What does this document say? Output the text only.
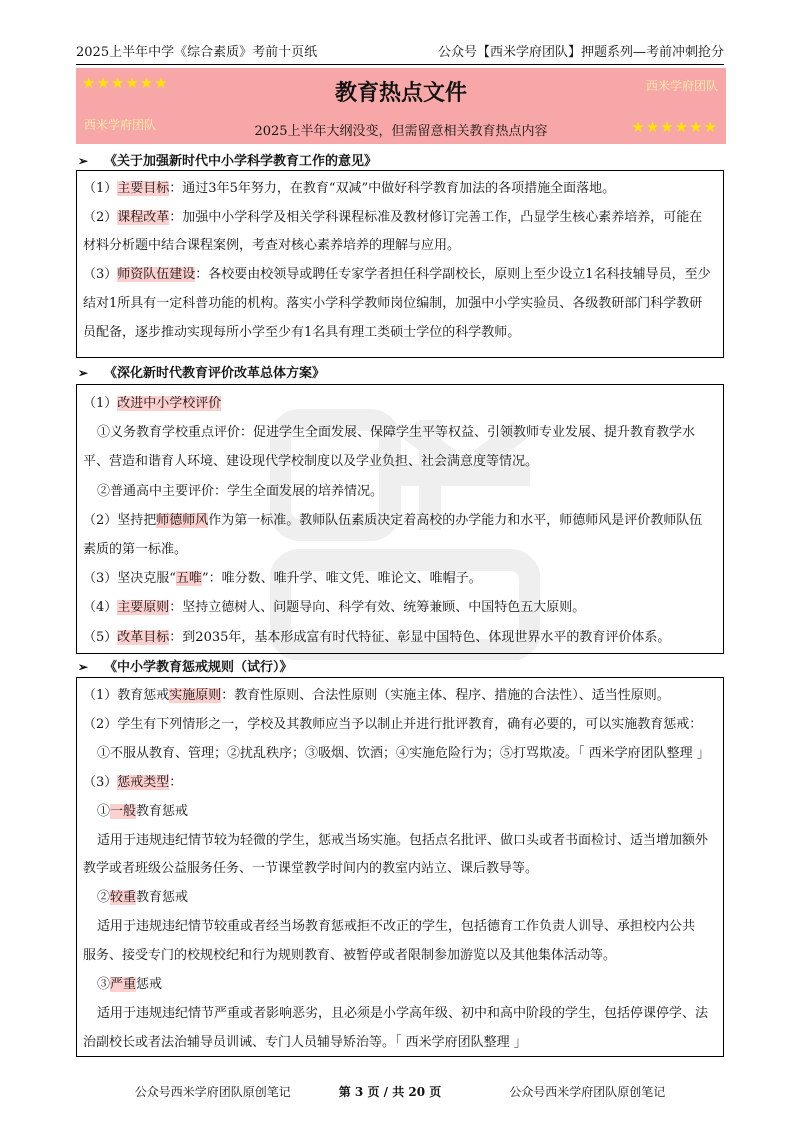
2025上半年中学《综合素质》考前十页纸	公众号【西米学府团队】押题系列—考前冲刺抢分
★★★★★★	西米学府团队
教育热点文件
西米学府团队	2025上半年大纲没变，但需留意相关教育热点内容	★★★★★★
➢ 《关于加强新时代中小学科学教育工作的意见》

（1）主要目标：通过3年5年努力，在教育“双减”中做好科学教育加法的各项措施全面落地。

（2）课程改革：加强中小学科学及相关学科课程标准及教材修订完善工作，凸显学生核心素养培养，可能在

材料分析题中结合课程案例，考查对核心素养培养的理解与应用。

（3）师资队伍建设：各校要由校领导或聘任专家学者担任科学副校长，原则上至少设立1名科技辅导员，至少

结对1所具有一定科普功能的机构。落实小学科学教师岗位编制，加强中小学实验员、各级教研部门科学教研

员配备，逐步推动实现每所小学至少有1名具有理工类硕士学位的科学教师。

➢ 《深化新时代教育评价改革总体方案》

（1）改进中小学校评价

①义务教育学校重点评价：促进学生全面发展、保障学生平等权益、引领教师专业发展、提升教育教学水

平、营造和谐育人环境、建设现代学校制度以及学业负担、社会满意度等情况。

②普通高中主要评价：学生全面发展的培养情况。

（2）坚持把师德师风作为第一标准。教师队伍素质决定着高校的办学能力和水平，师德师风是评价教师队伍

素质的第一标准。

（3）坚决克服“五唯”：唯分数、唯升学、唯文凭、唯论文、唯帽子。

（4）主要原则：坚持立德树人、问题导向、科学有效、统筹兼顾、中国特色五大原则。

（5）改革目标：到2035年，基本形成富有时代特征、彰显中国特色、体现世界水平的教育评价体系。

➢ 《中小学教育惩戒规则（试行）》

（1）教育惩戒实施原则：教育性原则、合法性原则（实施主体、程序、措施的合法性）、适当性原则。

（2）学生有下列情形之一，学校及其教师应当予以制止并进行批评教育，确有必要的，可以实施教育惩戒：

①不服从教育、管理；②扰乱秩序；③吸烟、饮酒；④实施危险行为；⑤打骂欺凌。「 西米学府团队整理 」

（3）惩戒类型：

①一般教育惩戒

适用于违规违纪情节较为轻微的学生，惩戒当场实施。包括点名批评、做口头或者书面检讨、适当增加额外

教学或者班级公益服务任务、一节课堂教学时间内的教室内站立、课后教导等。

②较重教育惩戒

适用于违规违纪情节较重或者经当场教育惩戒拒不改正的学生，包括德育工作负责人训导、承担校内公共

服务、接受专门的校规校纪和行为规则教育、被暂停或者限制参加游览以及其他集体活动等。

③严重惩戒

适用于违规违纪情节严重或者影响恶劣，且必须是小学高年级、初中和高中阶段的学生，包括停课停学、法

治副校长或者法治辅导员训诫、专门人员辅导矫治等。「 西米学府团队整理 」

公众号西米学府团队原创笔记	第 3 页 / 共 20 页	公众号西米学府团队原创笔记
